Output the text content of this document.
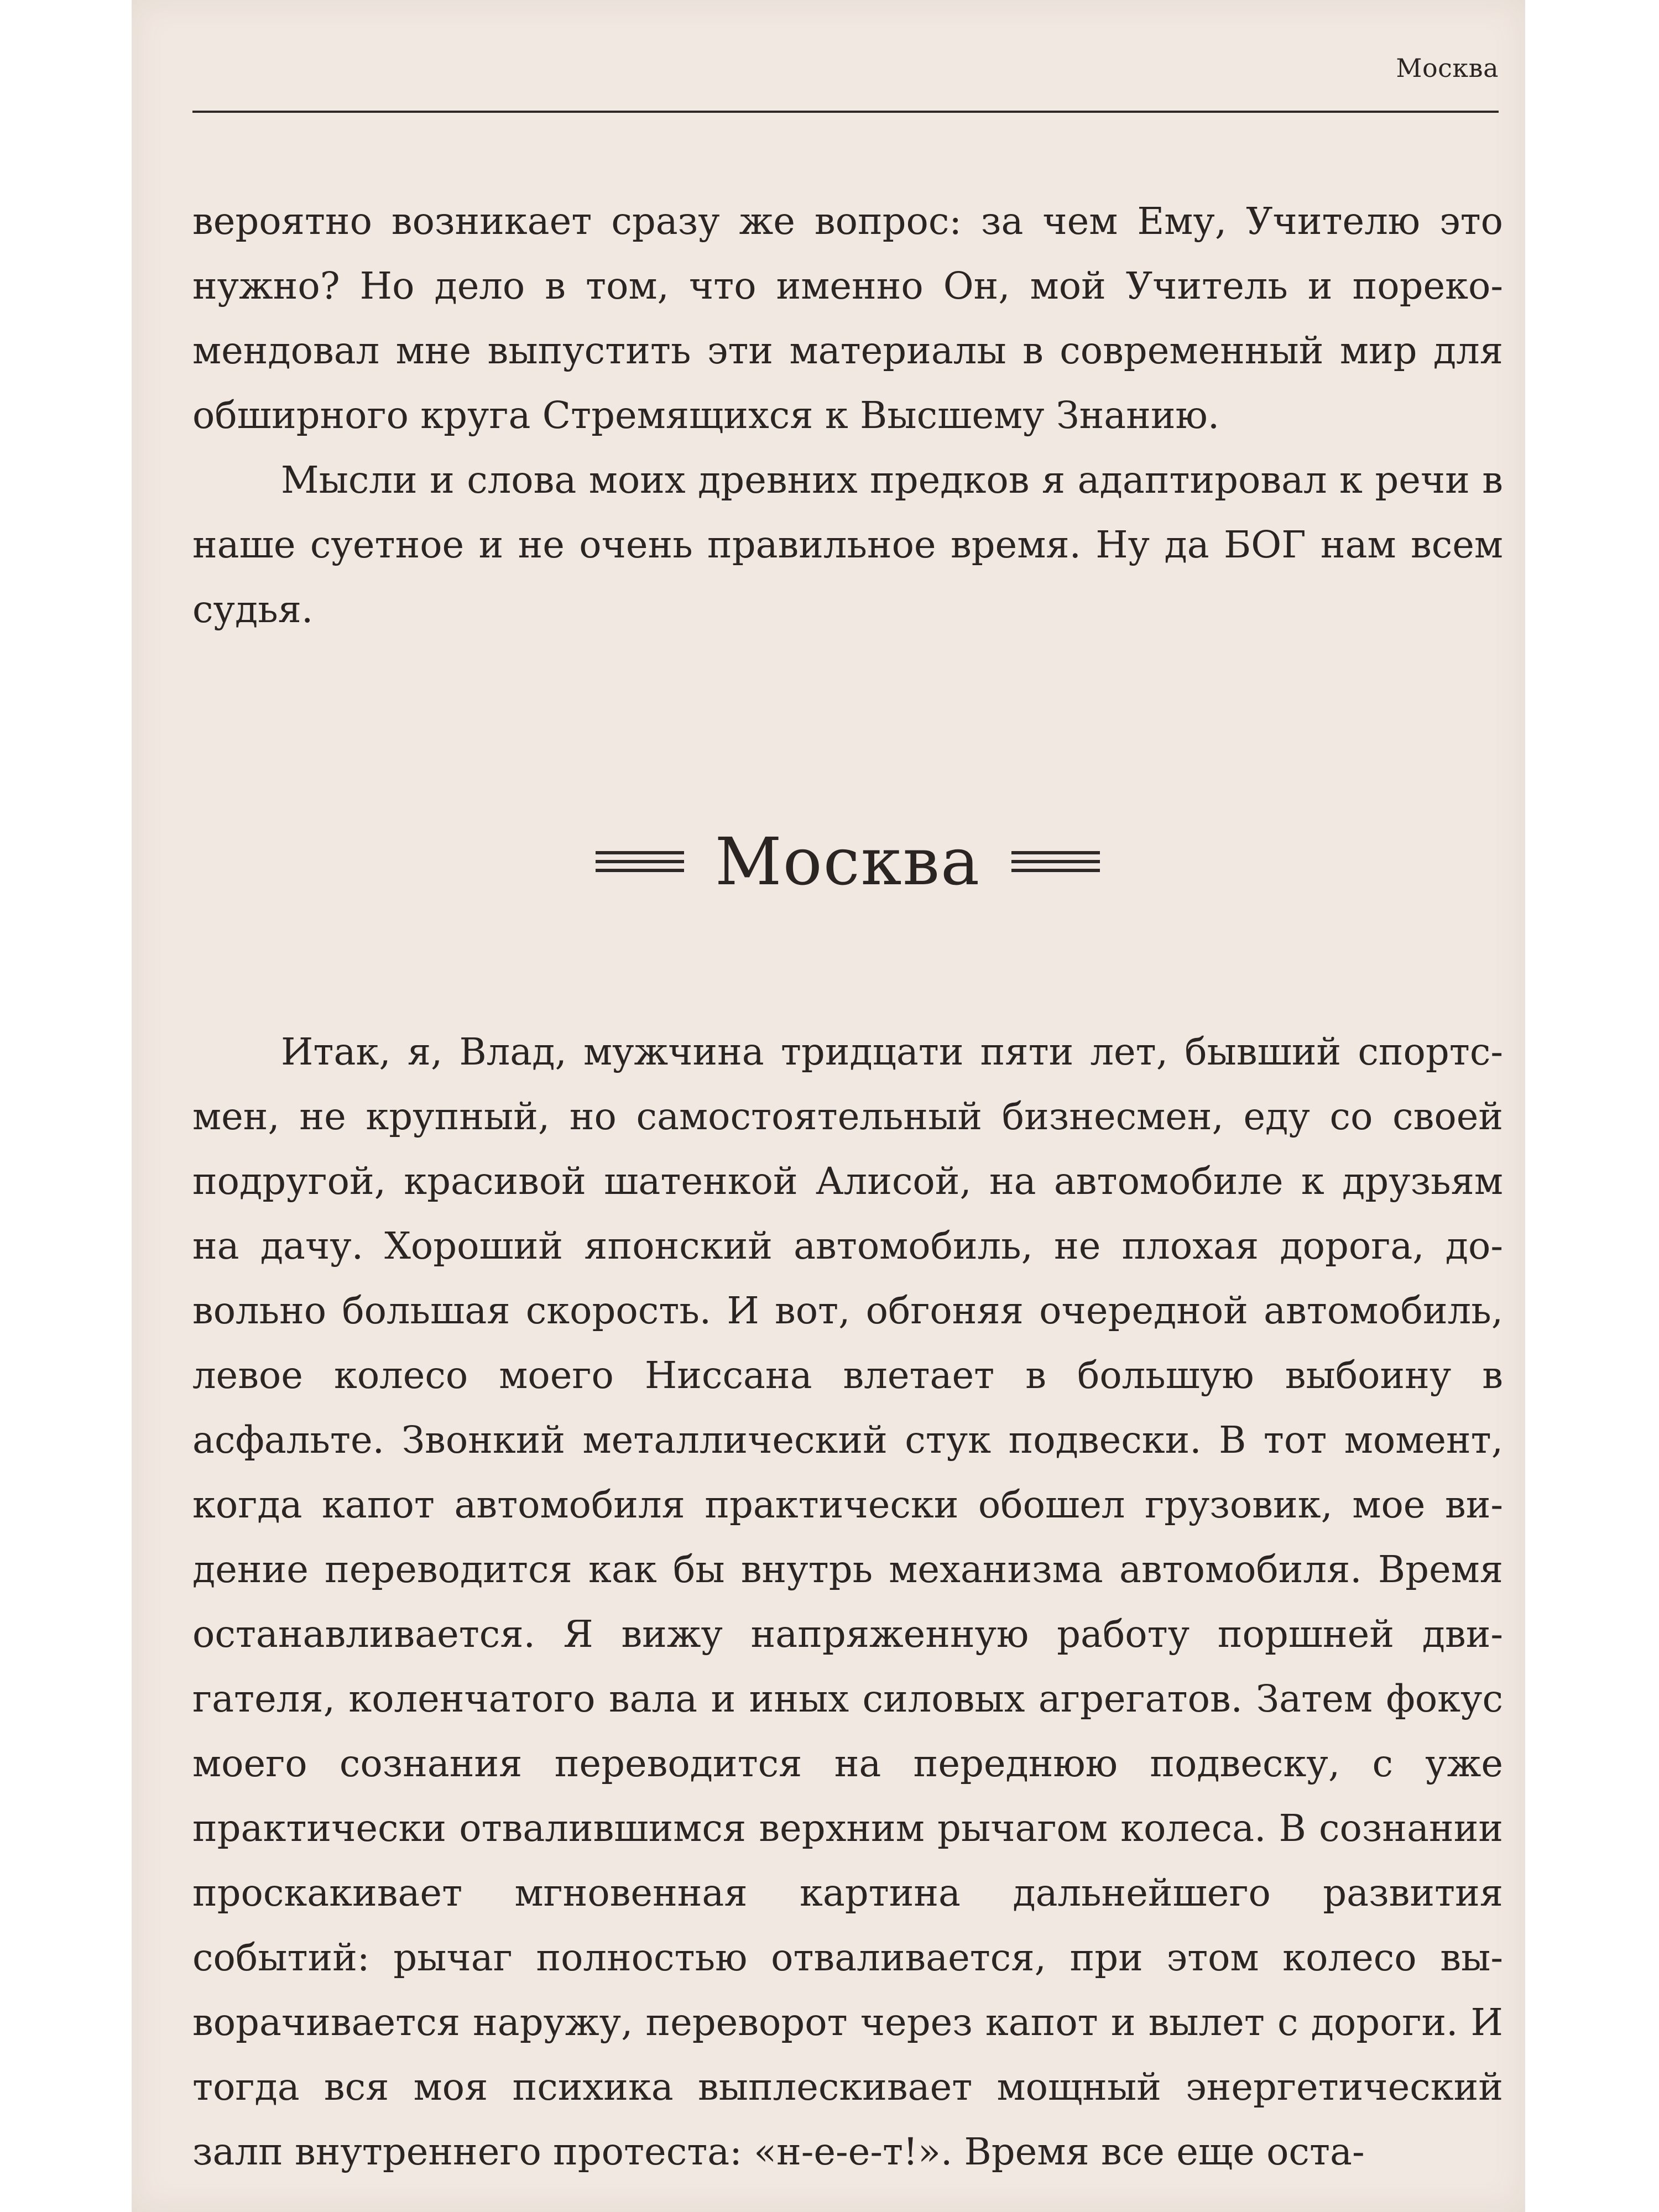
Москва

вероятно возникает сразу же вопрос: за чем Ему, Учителю это нужно? Но дело в том, что именно Он, мой Учитель и порекомендовал мне выпустить эти материалы в современный мир для обширного круга Стремящихся к Высшему Знанию.

Мысли и слова моих древних предков я адаптировал к речи в наше суетное и не очень правильное время. Ну да БОГ нам всем судья.

Москва

Итак, я, Влад, мужчина тридцати пяти лет, бывший спортсмен, не крупный, но самостоятельный бизнесмен, еду со своей подругой, красивой шатенкой Алисой, на автомобиле к друзьям на дачу. Хороший японский автомобиль, не плохая дорога, довольно большая скорость. И вот, обгоняя очередной автомобиль, левое колесо моего Ниссана влетает в большую выбоину в асфальте. Звонкий металлический стук подвески. В тот момент, когда капот автомобиля практически обошел грузовик, мое видение переводится как бы внутрь механизма автомобиля. Время останавливается. Я вижу напряженную работу поршней двигателя, коленчатого вала и иных силовых агрегатов. Затем фокус моего сознания переводится на переднюю подвеску, с уже практически отвалившимся верхним рычагом колеса. В сознании проскакивает мгновенная картина дальнейшего развития событий: рычаг полностью отваливается, при этом колесо выворачивается наружу, переворот через капот и вылет с дороги. И тогда вся моя психика выплескивает мощный энергетический залп внутреннего протеста: «н-е-е-т!». Время все еще оста-
